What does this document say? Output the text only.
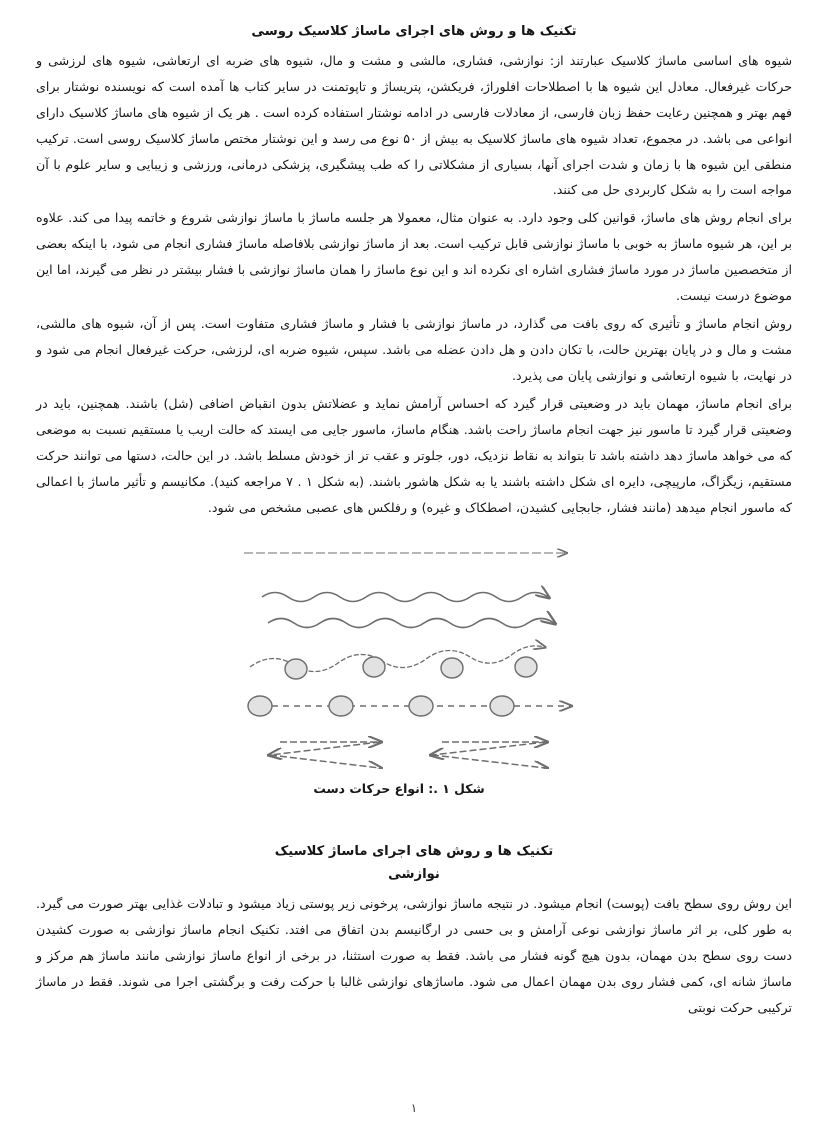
تکنیک ها و روش های اجرای ماساژ کلاسیک روسی

شیوه های اساسی ماساژ کلاسیک عبارتند از: نوازشی، فشاری، مالشی و مشت و مال، شیوه های ضربه ای ارتعاشی، شیوه های لرزشی و حرکات غیرفعال. معادل این شیوه ها با اصطلاحات افلوراژ، فریکشن، پتریساژ و تاپوتمنت در سایر کتاب ها آمده است که نویسنده نوشتار برای فهم بهتر و همچنین رعایت حفظ زبان فارسی، از معادلات فارسی در ادامه نوشتار استفاده کرده است . هر یک از شیوه های ماساژ کلاسیک دارای انواعی می باشد. در مجموع، تعداد شیوه های ماساژ کلاسیک به بیش از ۵۰ نوع می رسد و این نوشتار مختص ماساژ کلاسیک روسی است. ترکیب منطقی این شیوه ها با زمان و شدت اجرای آنها، بسیاری از مشکلاتی را که طب پیشگیری، پزشکی درمانی، ورزشی و زیبایی و سایر علوم با آن مواجه است را به شکل کاربردی حل می کنند.

برای انجام روش های ماساژ، قوانین کلی وجود دارد. به عنوان مثال، معمولا هر جلسه ماساژ با ماساژ نوازشی شروع و خاتمه پیدا می کند. علاوه بر این، هر شیوه ماساژ به خوبی با ماساژ نوازشی قابل ترکیب است. بعد از ماساژ نوازشی بلافاصله ماساژ فشاری انجام می شود، با اینکه بعضی از متخصصین ماساژ در مورد ماساژ فشاری اشاره ای نکرده اند و این نوع ماساژ را همان ماساژ نوازشی با فشار بیشتر در نظر می گیرند، اما این موضوع درست نیست.

روش انجام ماساژ و تأثیری که روی بافت می گذارد، در ماساژ نوازشی با فشار و ماساژ فشاری متفاوت است. پس از آن، شیوه های مالشی، مشت و مال و در پایان بهترین حالت، با تکان دادن و هل دادن عضله می باشد. سپس، شیوه ضربه ای، لرزشی، حرکت غیرفعال انجام می شود و در نهایت، با شیوه ارتعاشی و نوازشی پایان می پذیرد.

برای انجام ماساژ، مهمان باید در وضعیتی قرار گیرد که احساس آرامش نماید و عضلاتش بدون انقباض اضافی (شل) باشند. همچنین، باید در وضعیتی قرار گیرد تا ماسور نیز جهت انجام ماساژ راحت باشد. هنگام ماساژ، ماسور جایی می ایستد که حالت اریب یا مستقیم نسبت به موضعی که می خواهد ماساژ دهد داشته باشد تا بتواند به نقاط نزدیک، دور، جلوتر و عقب تر از خودش مسلط باشد. در این حالت، دستها می توانند حرکت مستقیم، زیگزاگ، مارپیچی، دایره ای شکل داشته باشند یا به شکل هاشور باشند. (به شکل ۱ . ۷ مراجعه کنید). مکانیسم و تأثیر ماساژ با اعمالی که ماسور انجام میدهد (مانند فشار، جابجایی کشیدن، اصطکاک و غیره) و رفلکس های عصبی مشخص می شود.

شکل ۱ .: انواع حرکات دست
تکنیک ها و روش های اجرای ماساژ کلاسیک
نوازشی

این روش روی سطح بافت (پوست) انجام میشود. در نتیجه ماساژ نوازشی، پرخونی زیر پوستی زیاد میشود و تبادلات غذایی بهتر صورت می گیرد. به طور کلی، بر اثر ماساژ نوازشی نوعی آرامش و بی حسی در ارگانیسم بدن اتفاق می افتد. تکنیک انجام ماساژ نوازشی به صورت کشیدن دست روی سطح بدن مهمان، بدون هیچ گونه فشار می باشد. فقط به صورت استثنا، در برخی از انواع ماساژ نوازشی مانند ماساژ هم مرکز و ماساژ شانه ای، کمی فشار روی بدن مهمان اعمال می شود. ماساژهای نوازشی غالبا با حرکت رفت و برگشتی اجرا می شوند. فقط در ماساژ ترکیبی حرکت نوبتی

۱
